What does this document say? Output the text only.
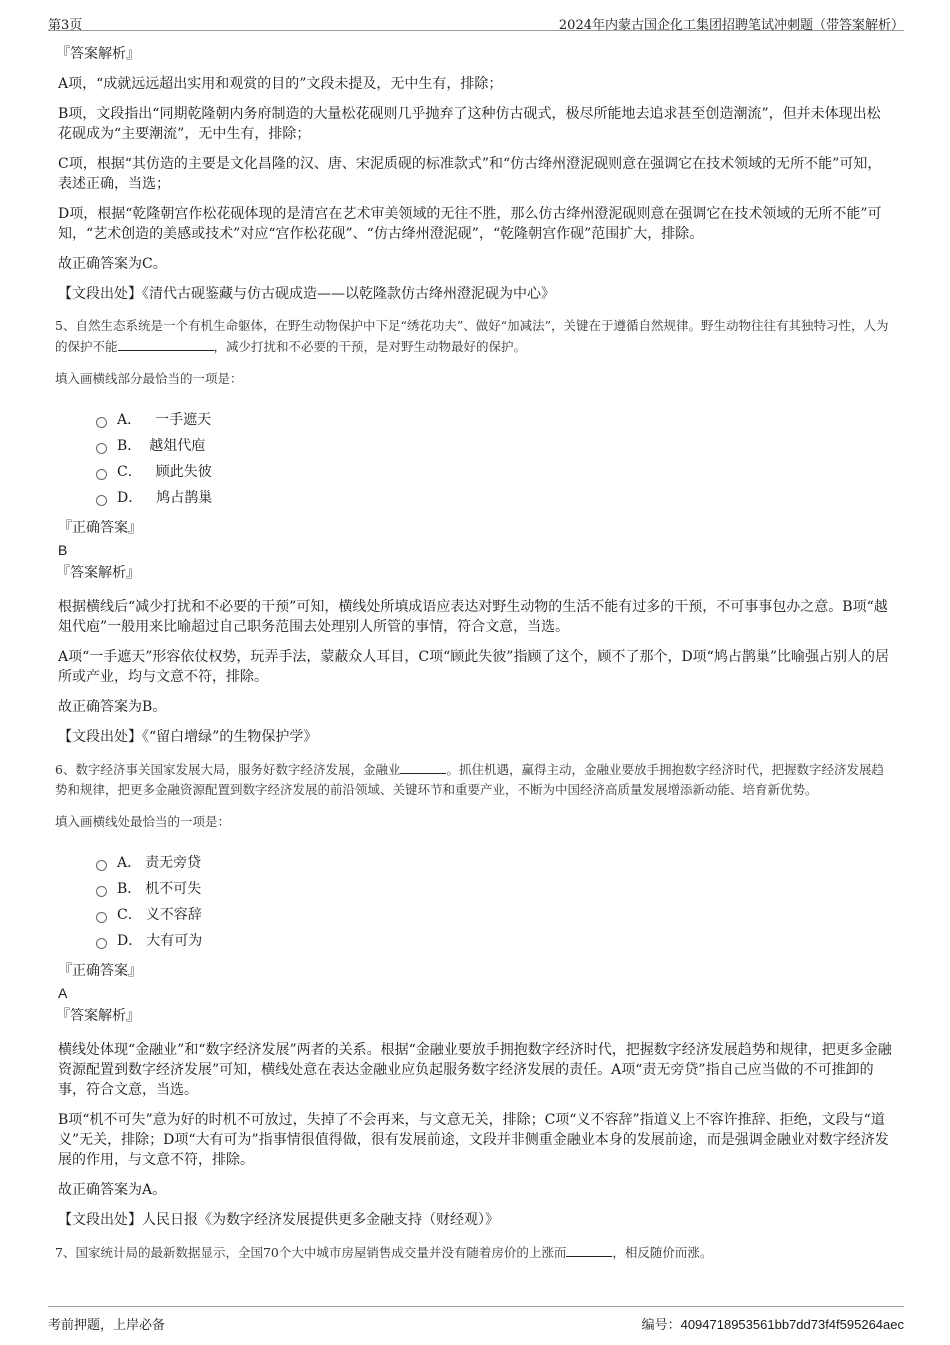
第3页	2024年内蒙古国企化工集团招聘笔试冲刺题（带答案解析）
『答案解析』
A项，“成就远远超出实用和观赏的目的”文段未提及，无中生有，排除；
B项，文段指出“同期乾隆朝内务府制造的大量松花砚则几乎抛弃了这种仿古砚式，极尽所能地去追求甚至创造潮流”，但并未体现出松花砚成为“主要潮流”，无中生有，排除；
C项，根据“其仿造的主要是文化昌隆的汉、唐、宋泥质砚的标准款式”和“仿古绛州澄泥砚则意在强调它在技术领域的无所不能”可知，表述正确，当选；
D项，根据“乾隆朝宫作松花砚体现的是清宫在艺术审美领域的无往不胜，那么仿古绛州澄泥砚则意在强调它在技术领域的无所不能”可知，“艺术创造的美感或技术”对应“宫作松花砚”、“仿古绛州澄泥砚”，“乾隆朝宫作砚”范围扩大，排除。
故正确答案为C。
【文段出处】《清代古砚鉴藏与仿古砚成造——以乾隆款仿古绛州澄泥砚为中心》
5、自然生态系统是一个有机生命躯体，在野生动物保护中下足“绣花功夫”、做好“加减法”，关键在于遵循自然规律。野生动物往往有其独特习性，人为的保护不能	，减少打扰和不必要的干预，是对野生动物最好的保护。
填入画横线部分最恰当的一项是：
A． 一手遮天
B． 越俎代庖
C． 顾此失彼
D． 鸠占鹊巢
『正确答案』
B
『答案解析』
根据横线后“减少打扰和不必要的干预”可知，横线处所填成语应表达对野生动物的生活不能有过多的干预，不可事事包办之意。B项“越俎代庖”一般用来比喻超过自己职务范围去处理别人所管的事情，符合文意，当选。
A项“一手遮天”形容依仗权势，玩弄手法，蒙蔽众人耳目，C项“顾此失彼”指顾了这个，顾不了那个，D项“鸠占鹊巢”比喻强占别人的居所或产业，均与文意不符，排除。
故正确答案为B。
【文段出处】《“留白增绿”的生物保护学》
6、数字经济事关国家发展大局，服务好数字经济发展，金融业	。抓住机遇，赢得主动，金融业要放手拥抱数字经济时代，把握数字经济发展趋势和规律，把更多金融资源配置到数字经济发展的前沿领域、关键环节和重要产业，不断为中国经济高质量发展增添新动能、培育新优势。
填入画横线处最恰当的一项是：
A． 责无旁贷
B． 机不可失
C． 义不容辞
D． 大有可为
『正确答案』
A
『答案解析』
横线处体现“金融业”和“数字经济发展”两者的关系。根据“金融业要放手拥抱数字经济时代，把握数字经济发展趋势和规律，把更多金融资源配置到数字经济发展”可知，横线处意在表达金融业应负起服务数字经济发展的责任。A项“责无旁贷”指自己应当做的不可推卸的事，符合文意，当选。
B项“机不可失”意为好的时机不可放过，失掉了不会再来，与文意无关，排除；C项“义不容辞”指道义上不容许推辞、拒绝，文段与“道义”无关，排除；D项“大有可为”指事情很值得做，很有发展前途，文段并非侧重金融业本身的发展前途，而是强调金融业对数字经济发展的作用，与文意不符，排除。
故正确答案为A。
【文段出处】人民日报《为数字经济发展提供更多金融支持（财经观）》
7、国家统计局的最新数据显示，全国70个大中城市房屋销售成交量并没有随着房价的上涨而	，相反随价而涨。
考前押题，上岸必备	编号：4094718953561bb7dd73f4f595264aec
